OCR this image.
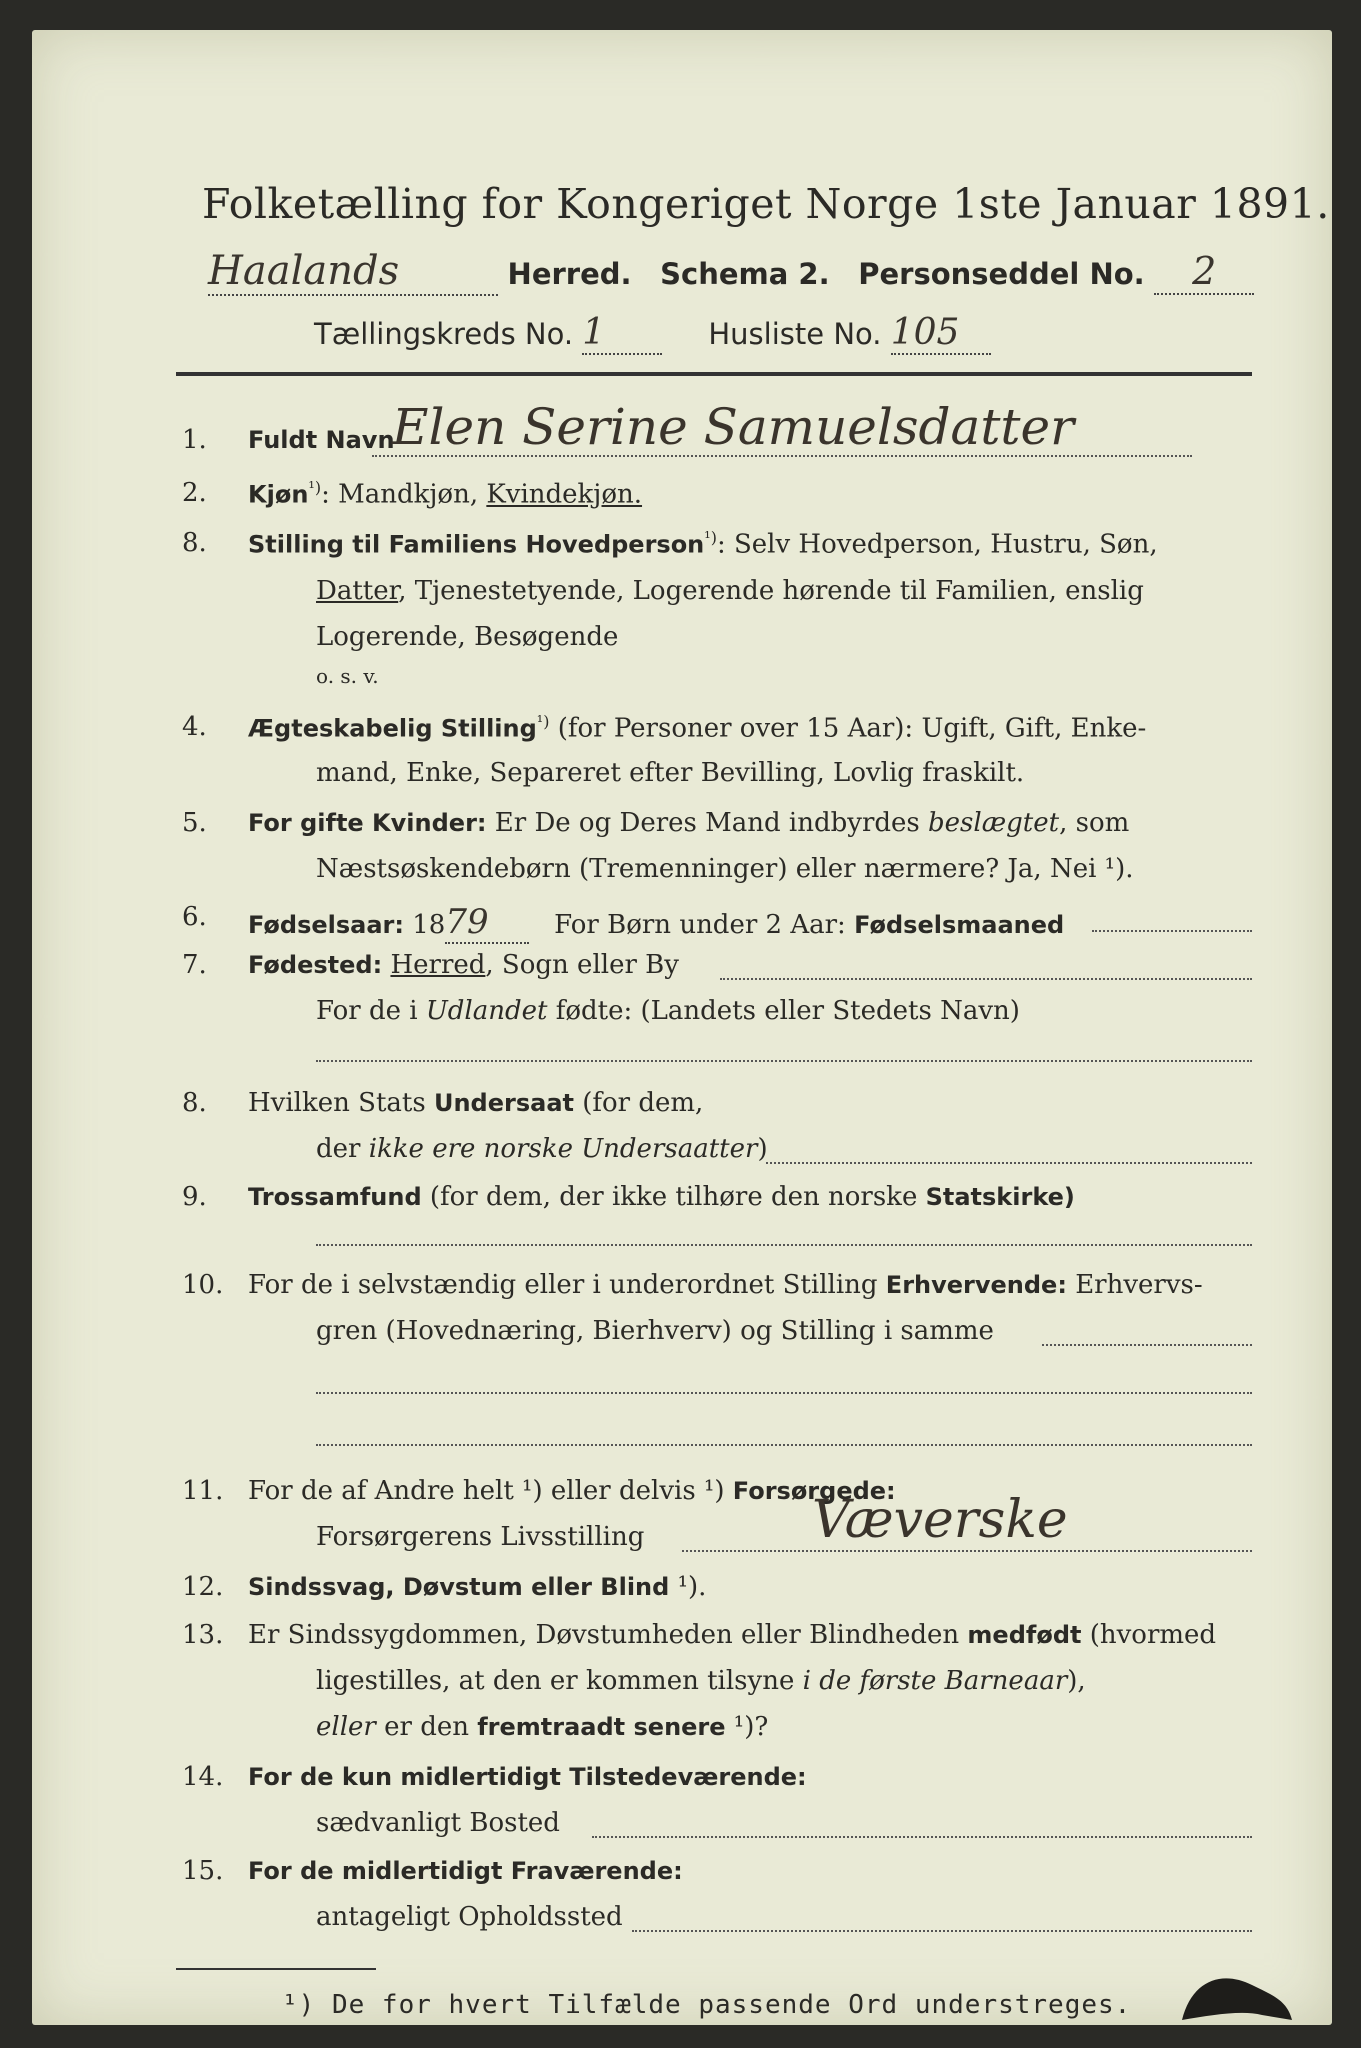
Folketælling for Kongeriget Norge 1ste Januar 1891.
Haalands	Herred. Schema 2. Personseddel No. 2
Tællingskreds No. 1	Husliste No. 105
1. Fuldt Navn
Elen Serine Samuelsdatter
2. Kjøn$^{^1)}$: Mandkjøn, Kvindekjøn.
8. Stilling til Familiens Hovedperson$^{^1)}$: Selv Hovedperson, Hustru, Søn,
Datter, Tjenestetyende, Logerende hørende til Familien, enslig
Logerende, Besøgende
o. s. v.
4. Ægteskabelig Stilling$^{^1)}$ (for Personer over 15 Aar): Ugift, Gift, Enke-
mand, Enke, Separeret efter Bevilling, Lovlig fraskilt.
5. For gifte Kvinder: Er De og Deres Mand indbyrdes beslægtet, som
Næstsøskendebørn (Tremenninger) eller nærmere? Ja, Nei ¹).
6. Fødselsaar: 1879	For Børn under 2 Aar: Fødselsmaaned
7. Fødested: Herred, Sogn eller By
For de i Udlandet fødte: (Landets eller Stedets Navn)
8. Hvilken Stats Undersaat (for dem,
der ikke ere norske Undersaatter)
9. Trossamfund (for dem, der ikke tilhøre den norske Statskirke)
10. For de i selvstændig eller i underordnet Stilling Erhvervende: Erhvervs-
gren (Hovednæring, Bierhverv) og Stilling i samme
11. For de af Andre helt ¹) eller delvis ¹) Forsørgede:
Forsørgerens Livsstilling	Væverske
12. Sindssvag, Døvstum eller Blind ¹).
13. Er Sindssygdommen, Døvstumheden eller Blindheden medfødt (hvormed
ligestilles, at den er kommen tilsyne i de første Barneaar),
eller er den fremtraadt senere ¹)?
14. For de kun midlertidigt Tilstedeværende:
sædvanligt Bosted
15. For de midlertidigt Fraværende:
antageligt Opholdssted
¹) De for hvert Tilfælde passende Ord understreges.
